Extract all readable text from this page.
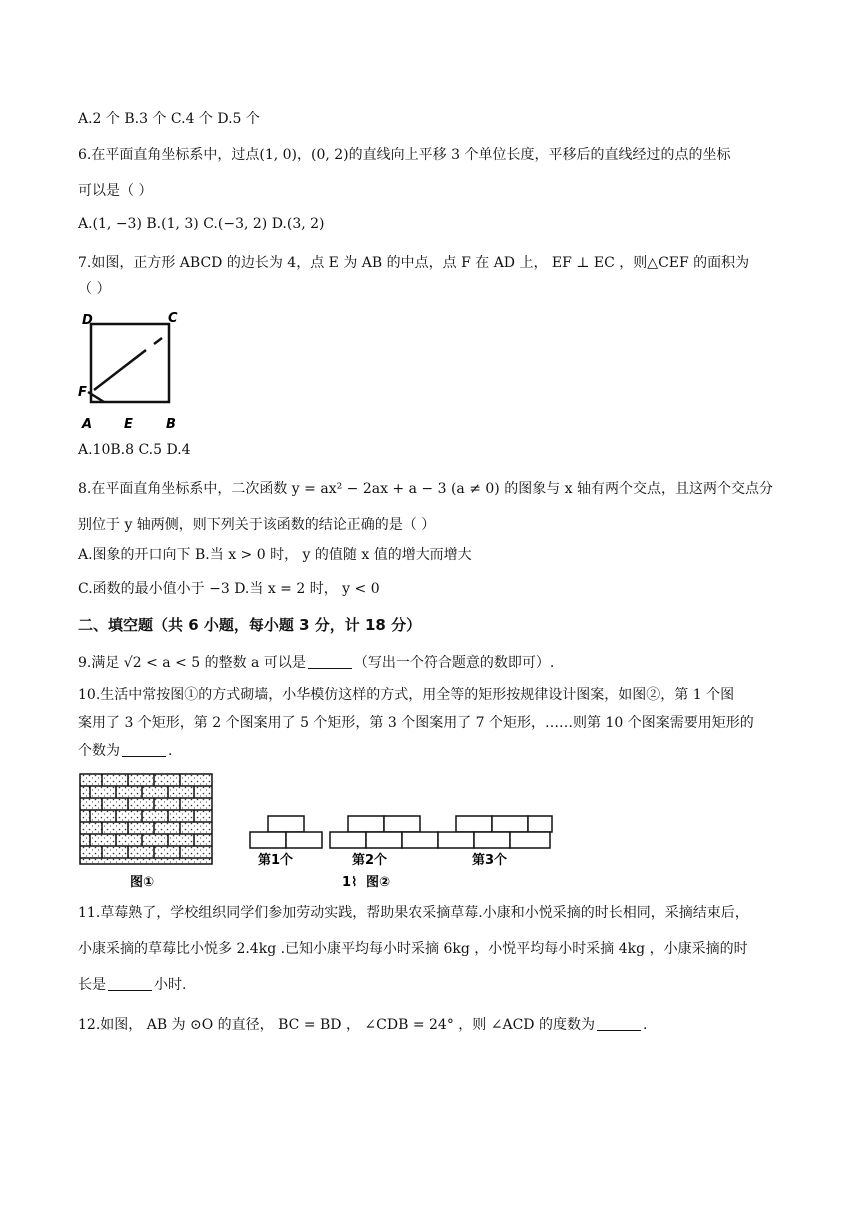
A.2 个 B.3 个 C.4 个 D.5 个
6.在平面直角坐标系中，过点(1, 0)，(0, 2)的直线向上平移 3 个单位长度，平移后的直线经过的点的坐标
可以是（ ）
A.(1, −3) B.(1, 3) C.(−3, 2) D.(3, 2)
7.如图，正方形 ABCD 的边长为 4，点 E 为 AB 的中点，点 F 在 AD 上， EF ⊥ EC ，则△CEF 的面积为
（ ）
D	C
F
A E	B
A.10B.8 C.5 D.4
8.在平面直角坐标系中，二次函数 y = ax² − 2ax + a − 3 (a ≠ 0) 的图象与 x 轴有两个交点，且这两个交点分
别位于 y 轴两侧，则下列关于该函数的结论正确的是（ ）
A.图象的开口向下 B.当 x > 0 时， y 的值随 x 值的增大而增大
C.函数的最小值小于 −3 D.当 x = 2 时， y < 0
二、填空题（共 6 小题，每小题 3 分，计 18 分）
9.满足 √2 < a < 5 的整数 a 可以是	（写出一个符合题意的数即可）.
10.生活中常按图①的方式砌墙，小华模仿这样的方式，用全等的矩形按规律设计图案，如图②，第 1 个图
案用了 3 个矩形，第 2 个图案用了 5 个矩形，第 3 个图案用了 7 个矩形，……则第 10 个图案需要用矩形的
个数为	.
图①
第1个	第2个	第3个
1⌇ 图②
11.草莓熟了，学校组织同学们参加劳动实践，帮助果农采摘草莓.小康和小悦采摘的时长相同，采摘结束后，
小康采摘的草莓比小悦多 2.4kg .已知小康平均每小时采摘 6kg ，小悦平均每小时采摘 4kg ，小康采摘的时
长是	小时.
12.如图， AB 为 ⊙O 的直径， BC = BD ， ∠CDB = 24° ，则 ∠ACD 的度数为	.
